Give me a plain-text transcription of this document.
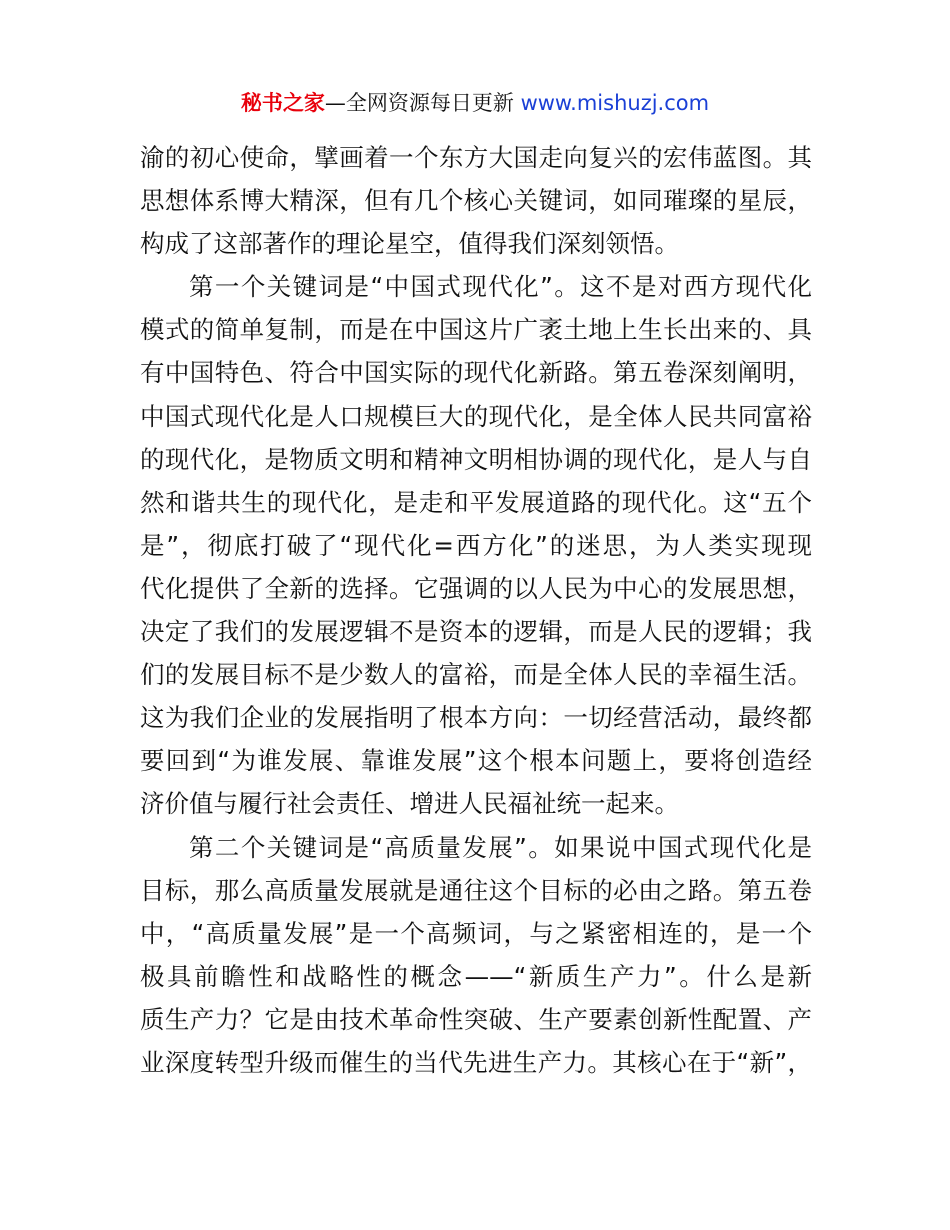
秘书之家—全网资源每日更新 www.mishuzj.com
渝的初心使命，擘画着一个东方大国走向复兴的宏伟蓝图。其
思想体系博大精深，但有几个核心关键词，如同璀璨的星辰，
构成了这部著作的理论星空，值得我们深刻领悟。
第一个关键词是“中国式现代化”。这不是对西方现代化
模式的简单复制，而是在中国这片广袤土地上生长出来的、具
有中国特色、符合中国实际的现代化新路。第五卷深刻阐明，
中国式现代化是人口规模巨大的现代化，是全体人民共同富裕
的现代化，是物质文明和精神文明相协调的现代化，是人与自
然和谐共生的现代化，是走和平发展道路的现代化。这“五个
是”，彻底打破了“现代化=西方化”的迷思，为人类实现现
代化提供了全新的选择。它强调的以人民为中心的发展思想，
决定了我们的发展逻辑不是资本的逻辑，而是人民的逻辑；我
们的发展目标不是少数人的富裕，而是全体人民的幸福生活。
这为我们企业的发展指明了根本方向：一切经营活动，最终都
要回到“为谁发展、靠谁发展”这个根本问题上，要将创造经
济价值与履行社会责任、增进人民福祉统一起来。
第二个关键词是“高质量发展”。如果说中国式现代化是
目标，那么高质量发展就是通往这个目标的必由之路。第五卷
中，“高质量发展”是一个高频词，与之紧密相连的，是一个
极具前瞻性和战略性的概念——“新质生产力”。什么是新
质生产力？它是由技术革命性突破、生产要素创新性配置、产
业深度转型升级而催生的当代先进生产力。其核心在于“新”，
